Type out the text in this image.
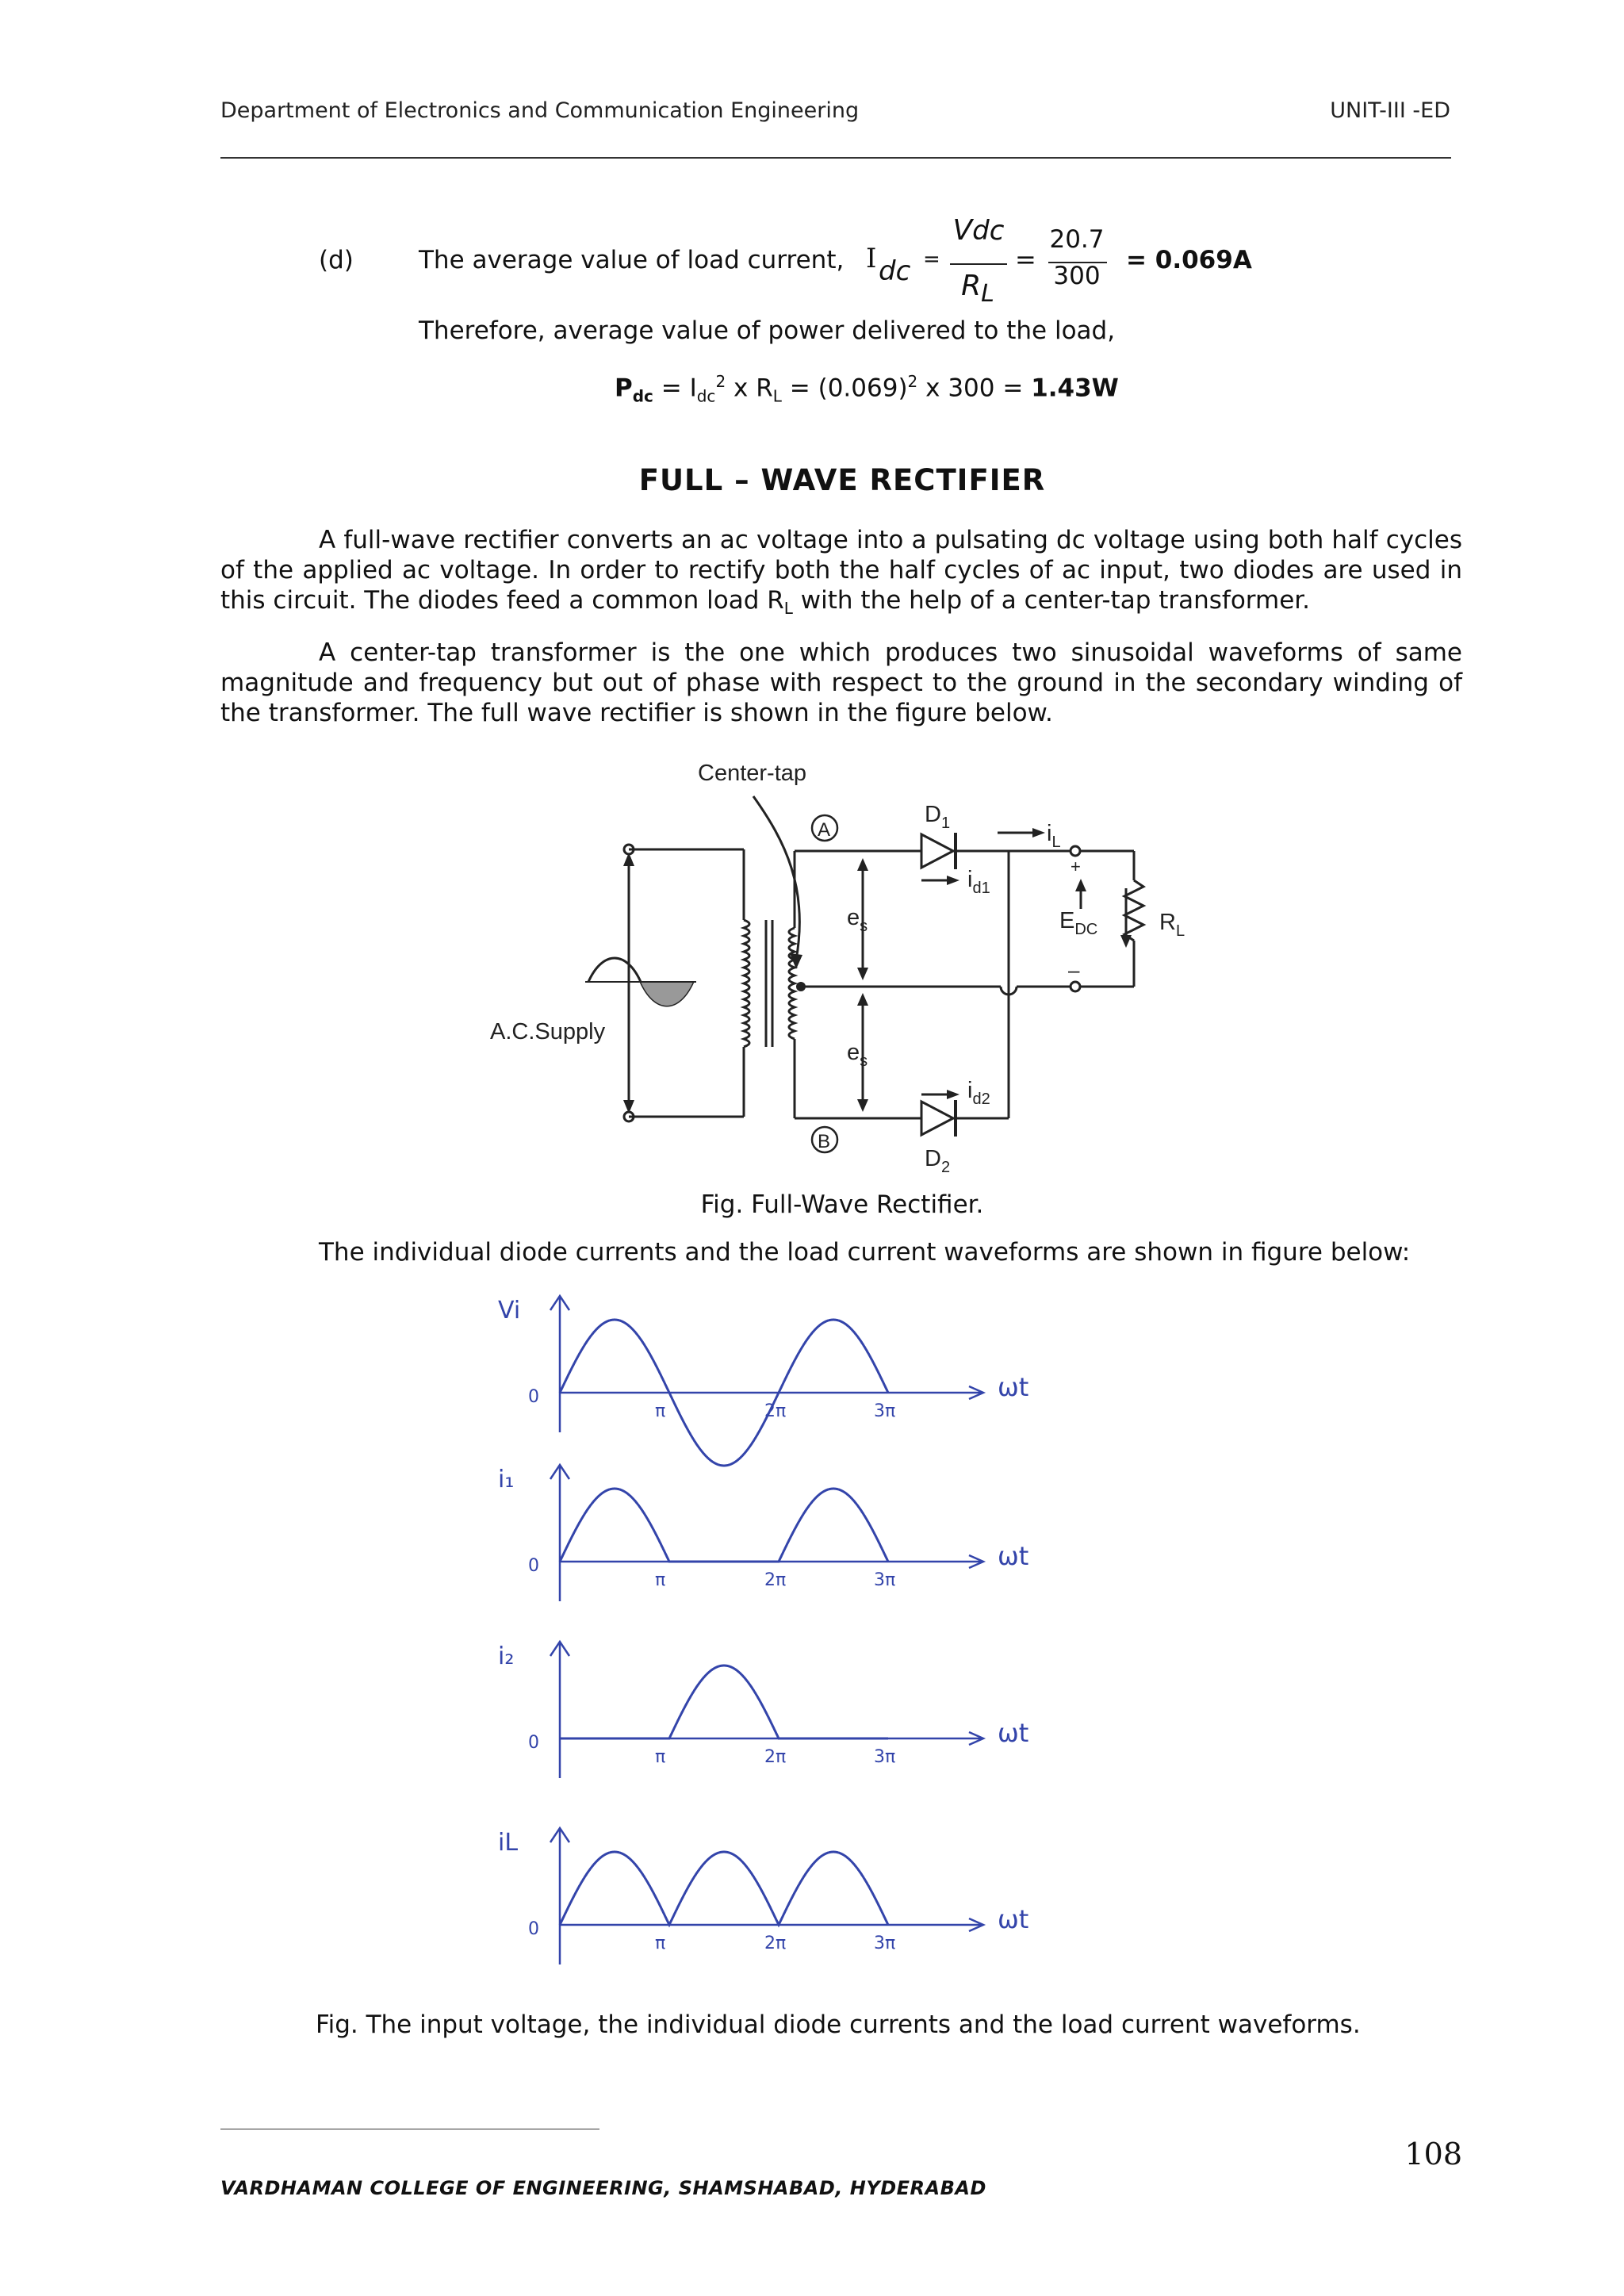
Department of Electronics and Communication Engineering	UNIT-III -ED
(d)	The average value of load current, I dc =
Vdc
$R_L$
=
20.7
300
= 0.069A
Therefore, average value of power delivered to the load,
$P_{dc} = I_{dc}^2$ x $R_L = (0.069)^2$ x 300 = 1.43W
FULL – WAVE RECTIFIER
A full-wave rectifier converts an ac voltage into a pulsating dc voltage using both half cycles of the applied ac voltage. In order to rectify both the half cycles of ac input, two diodes are used in this circuit. The diodes feed a common load $R_L$ with the help of a center-tap transformer.
A center-tap transformer is the one which produces two sinusoidal waveforms of same magnitude and frequency but out of phase with respect to the ground in the secondary winding of the transformer. The full wave rectifier is shown in the figure below.
Center-tap
A.C.Supply
A
B
$D_1$
$D_2$
$i_L$
$i_{d1}$
$i_{d2}$
$e_s$
$e_s$
$E_{DC}$	$R_L$
+
–
Fig. Full-Wave Rectifier.
The individual diode currents and the load current waveforms are shown in figure below:
Vi
0	ωt
π	2π	3π
i₁
0	ωt
π	2π	3π
i₂
0	ωt
π	2π	3π
iL
0	ωt
π	2π	3π
Fig. The input voltage, the individual diode currents and the load current waveforms.
108
VARDHAMAN COLLEGE OF ENGINEERING, SHAMSHABAD, HYDERABAD
